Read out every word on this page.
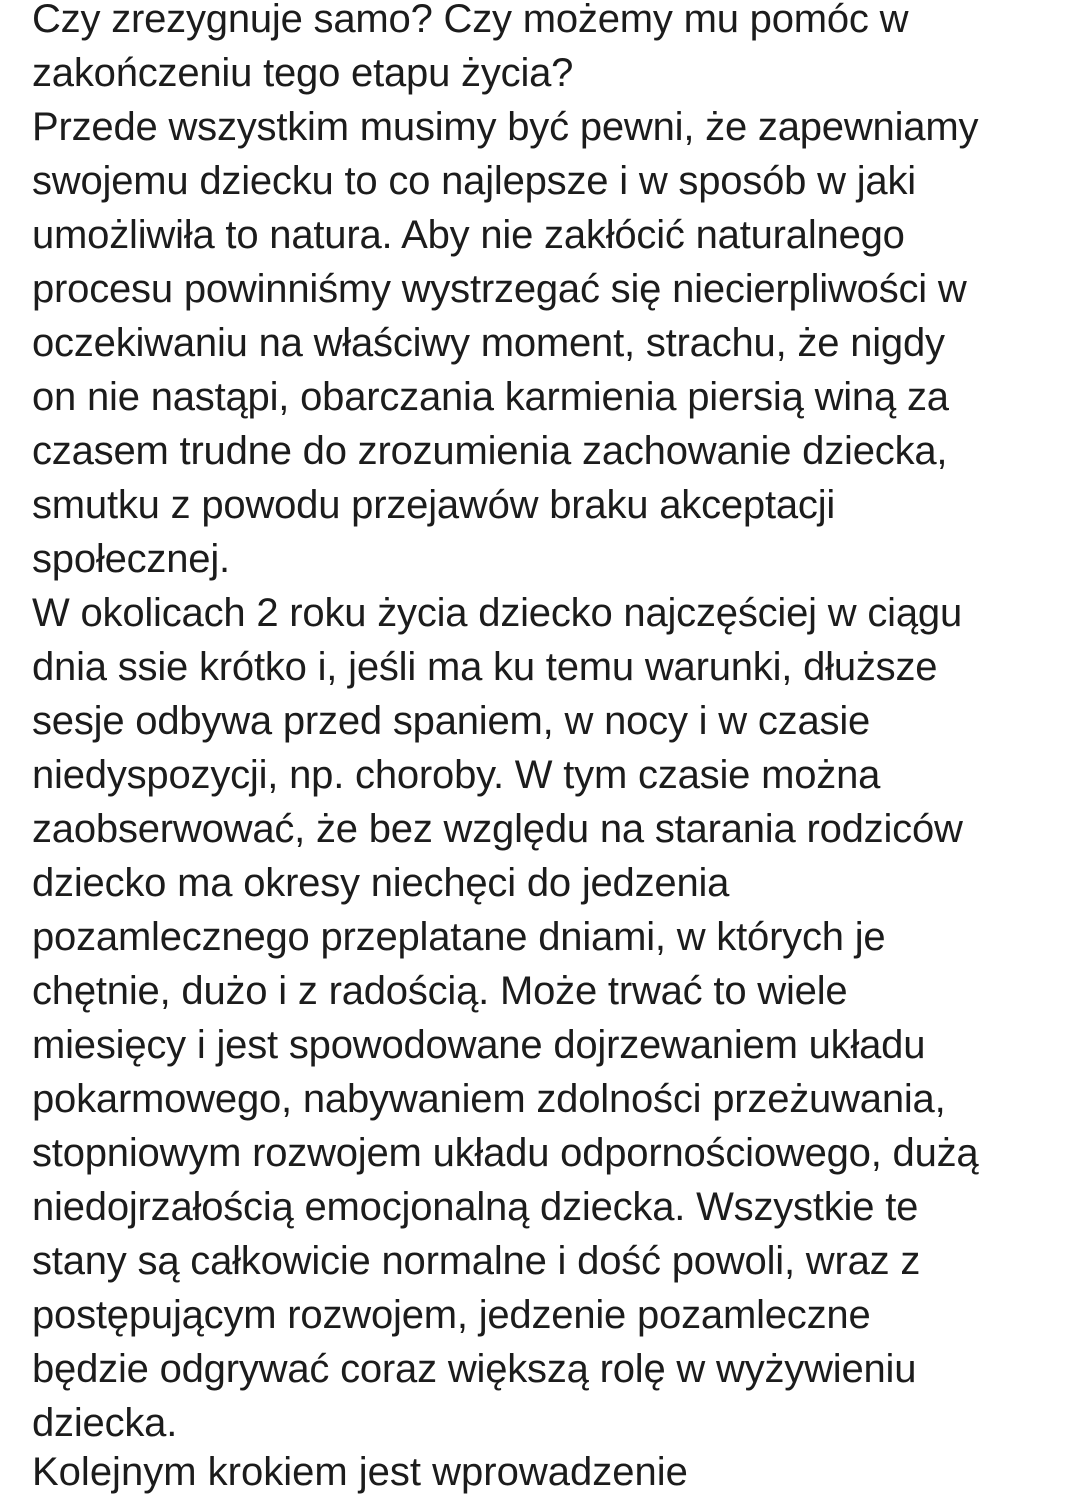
Czy zrezygnuje samo? Czy możemy mu pomóc w
zakończeniu tego etapu życia?
Przede wszystkim musimy być pewni, że zapewniamy
swojemu dziecku to co najlepsze i w sposób w jaki
umożliwiła to natura. Aby nie zakłócić naturalnego
procesu powinniśmy wystrzegać się niecierpliwości w
oczekiwaniu na właściwy moment, strachu, że nigdy
on nie nastąpi, obarczania karmienia piersią winą za
czasem trudne do zrozumienia zachowanie dziecka,
smutku z powodu przejawów braku akceptacji
społecznej.
W okolicach 2 roku życia dziecko najczęściej w ciągu
dnia ssie krótko i, jeśli ma ku temu warunki, dłuższe
sesje odbywa przed spaniem, w nocy i w czasie
niedyspozycji, np. choroby. W tym czasie można
zaobserwować, że bez względu na starania rodziców
dziecko ma okresy niechęci do jedzenia
pozamlecznego przeplatane dniami, w których je
chętnie, dużo i z radością. Może trwać to wiele
miesięcy i jest spowodowane dojrzewaniem układu
pokarmowego, nabywaniem zdolności przeżuwania,
stopniowym rozwojem układu odpornościowego, dużą
niedojrzałością emocjonalną dziecka. Wszystkie te
stany są całkowicie normalne i dość powoli, wraz z
postępującym rozwojem, jedzenie pozamleczne
będzie odgrywać coraz większą rolę w wyżywieniu
dziecka.
Kolejnym krokiem jest wprowadzenie
